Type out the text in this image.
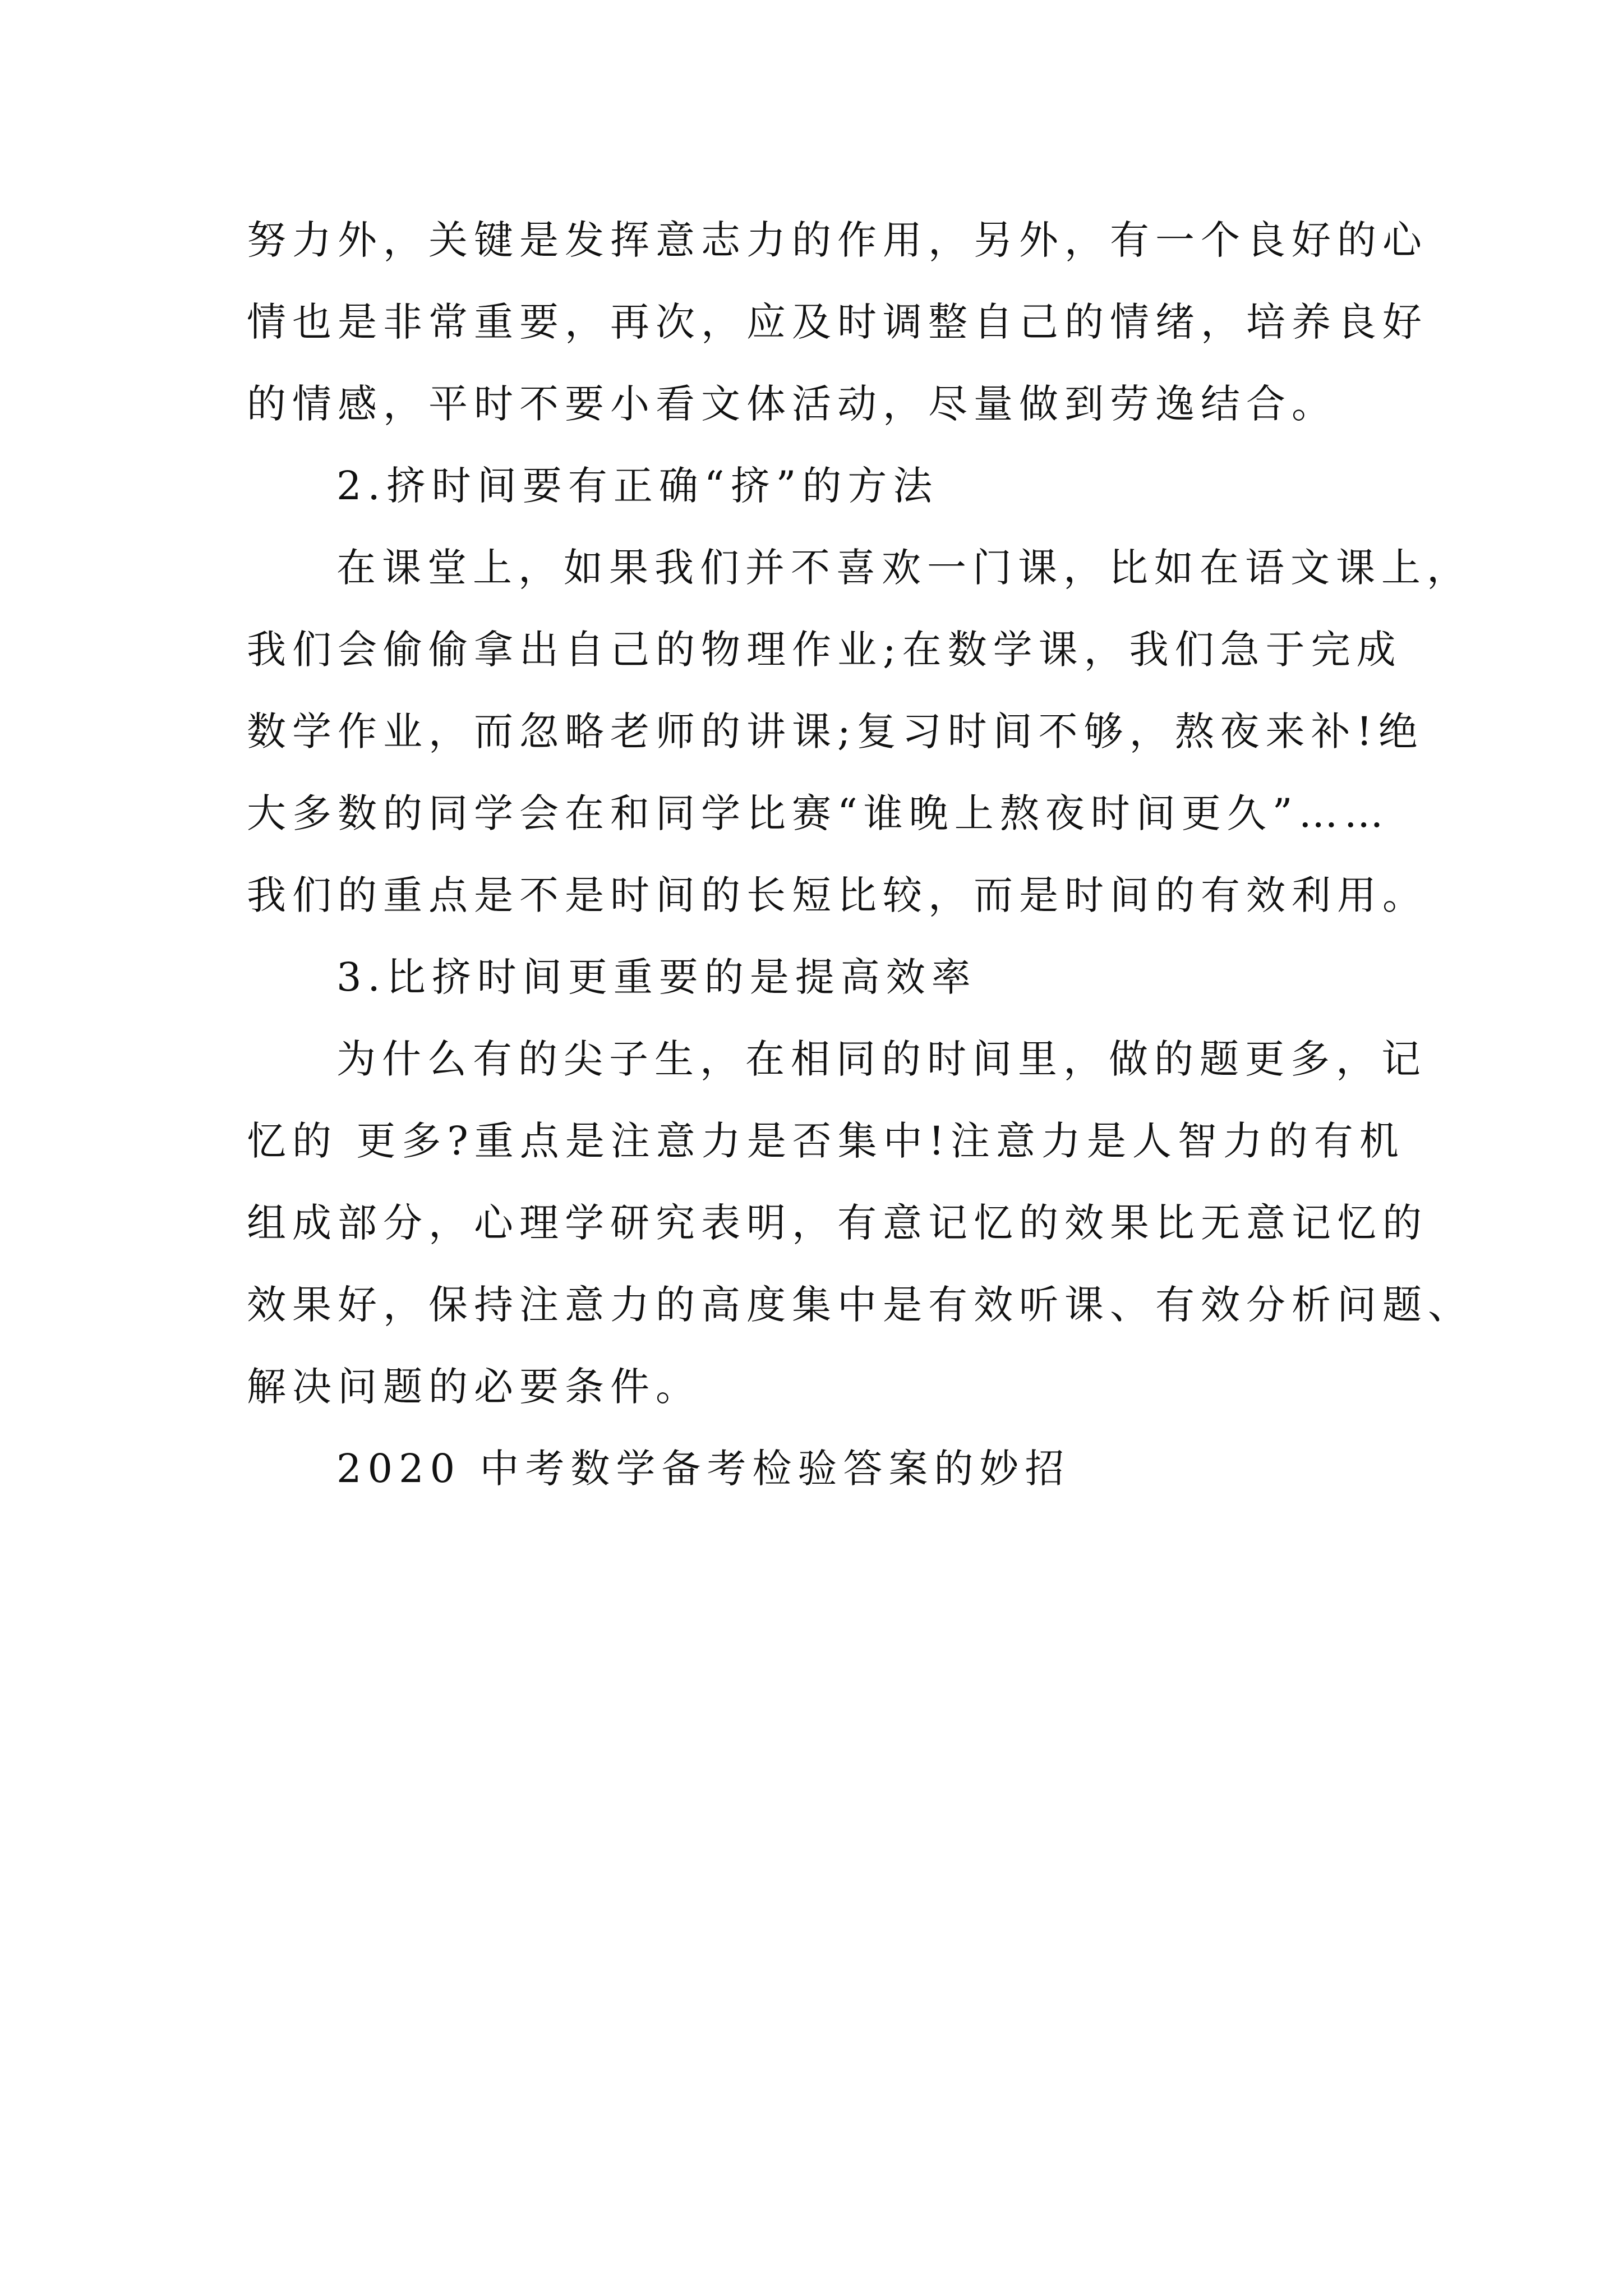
努力外，关键是发挥意志力的作用，另外，有一个良好的心
情也是非常重要，再次，应及时调整自己的情绪，培养良好
的情感，平时不要小看文体活动，尽量做到劳逸结合。
2.挤时间要有正确“挤”的方法
在课堂上，如果我们并不喜欢一门课，比如在语文课上，
我们会偷偷拿出自己的物理作业;在数学课，我们急于完成
数学作业，而忽略老师的讲课;复习时间不够，熬夜来补!绝
大多数的同学会在和同学比赛“谁晚上熬夜时间更久”……
我们的重点是不是时间的长短比较，而是时间的有效利用。
3.比挤时间更重要的是提高效率
为什么有的尖子生，在相同的时间里，做的题更多，记
忆的 更多?重点是注意力是否集中!注意力是人智力的有机
组成部分，心理学研究表明，有意记忆的效果比无意记忆的
效果好，保持注意力的高度集中是有效听课、有效分析问题、
解决问题的必要条件。
2020 中考数学备考检验答案的妙招
